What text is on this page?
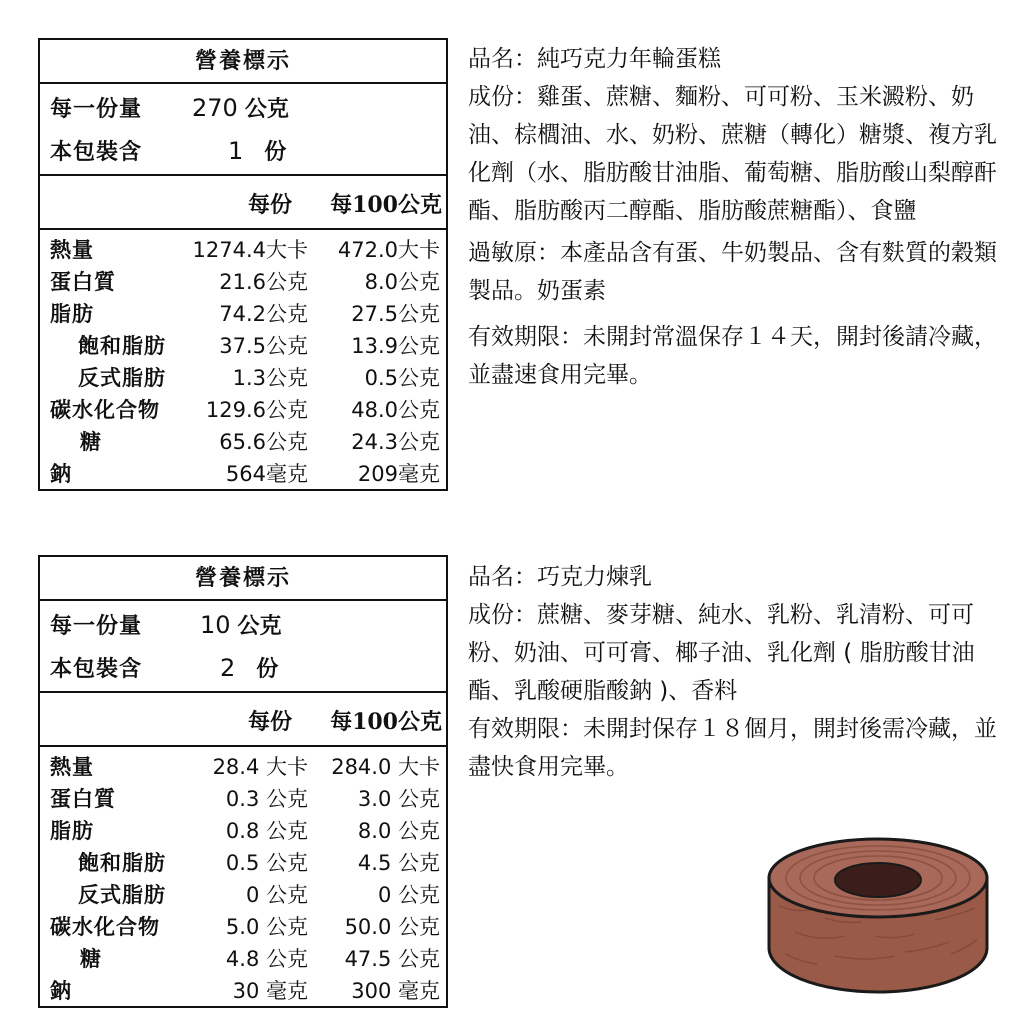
營養標示
每一份量 270 公克
本包裝含	1 份
每份 每100公克
熱量	1274.4大卡 472.0大卡
蛋白質	21.6公克	8.0公克
脂肪	74.2公克 27.5公克
飽和脂肪	37.5公克 13.9公克
反式脂肪	1.3公克	0.5公克
碳水化合物 129.6公克 48.0公克
糖	65.6公克 24.3公克
鈉	564毫克 209毫克

品名：純巧克力年輪蛋糕

成份：雞蛋、蔗糖、麵粉、可可粉、玉米澱粉、奶油、棕櫚油、水、奶粉、蔗糖（轉化）糖漿、複方乳化劑（水、脂肪酸甘油脂、葡萄糖、脂肪酸山梨醇酐酯、脂肪酸丙二醇酯、脂肪酸蔗糖酯）、食鹽

過敏原：本產品含有蛋、牛奶製品、含有麩質的穀類製品。奶蛋素

有效期限：未開封常溫保存１４天，開封後請冷藏，並盡速食用完畢。

營養標示
每一份量 10 公克
本包裝含	2 份
每份 每100公克
熱量	28.4 大卡 284.0 大卡
蛋白質	0.3 公克 3.0 公克
脂肪	0.8 公克 8.0 公克
飽和脂肪	0.5 公克 4.5 公克
反式脂肪	0 公克	0 公克
碳水化合物	5.0 公克 50.0 公克
糖	4.8 公克 47.5 公克
鈉	30 毫克 300 毫克

品名：巧克力煉乳

成份：蔗糖、麥芽糖、純水、乳粉、乳清粉、可可粉、奶油、可可膏、椰子油、乳化劑 ( 脂肪酸甘油酯、乳酸硬脂酸鈉 )、香料

有效期限：未開封保存１８個月，開封後需冷藏，並盡快食用完畢。
